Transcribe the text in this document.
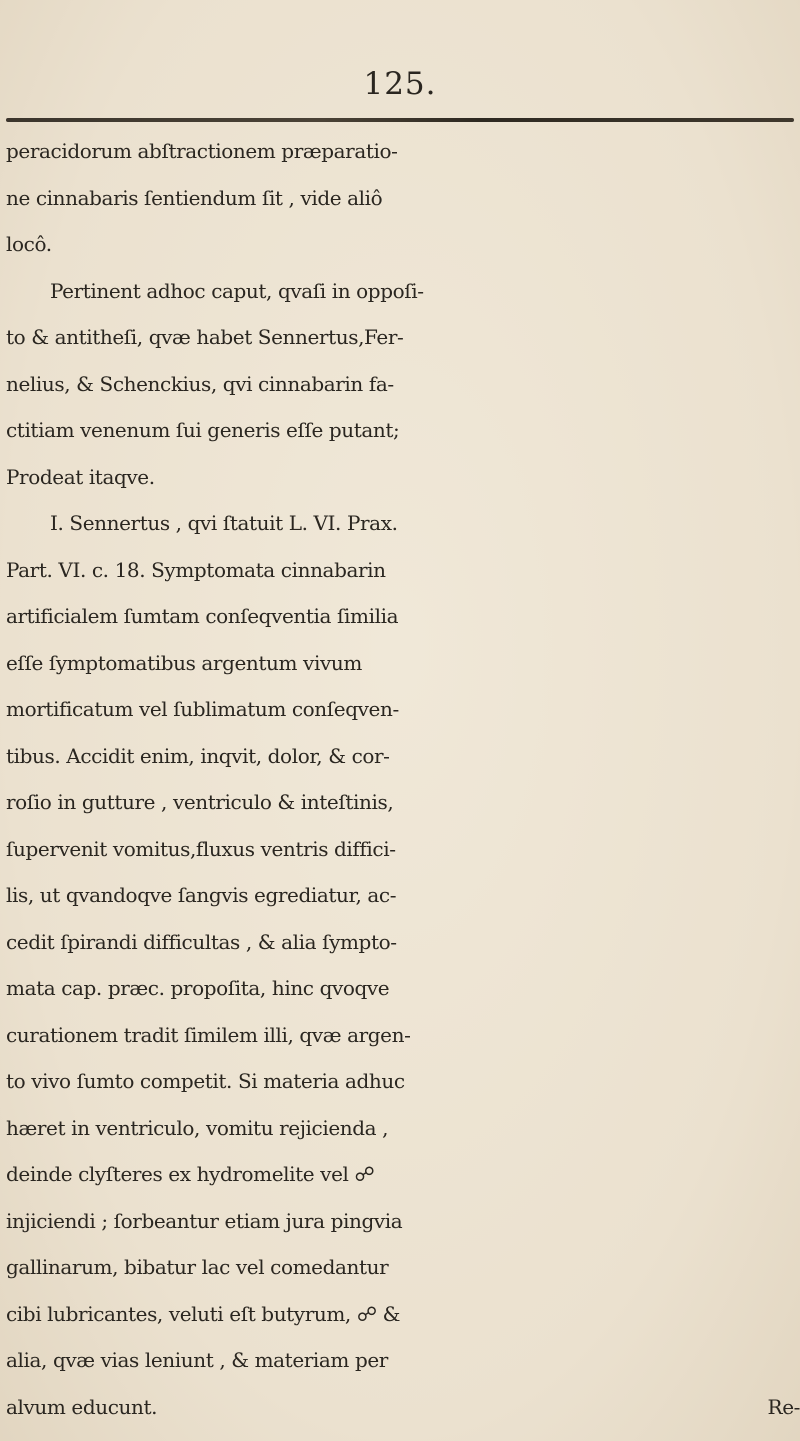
125.
peracidorum abſtractionem præparatio-
ne cinnabaris ſentiendum ſit , vide aliô
locô.
Pertinent adhoc caput, qvaſi in oppoſi-
to & antitheſi, qvæ habet Sennertus,Fer-
nelius, & Schenckius, qvi cinnabarin fa-
ctitiam venenum ſui generis eſſe putant;
Prodeat itaqve.
I. Sennertus , qvi ſtatuit L. VI. Prax.
Part. VI. c. 18. Symptomata cinnabarin
artificialem ſumtam conſeqventia ſimilia
eſſe ſymptomatibus argentum vivum
mortificatum vel ſublimatum conſeqven-
tibus. Accidit enim, inqvit, dolor, & cor-
roſio in gutture , ventriculo & inteſtinis,
ſupervenit vomitus,fluxus ventris diffici-
lis, ut qvandoqve ſangvis egrediatur, ac-
cedit ſpirandi difficultas , & alia ſympto-
mata cap. præc. propoſita, hinc qvoqve
curationem tradit ſimilem illi, qvæ argen-
to vivo ſumto competit. Si materia adhuc
hæret in ventriculo, vomitu rejicienda ,
deinde clyſteres ex hydromelite vel ☍
injiciendi ; ſorbeantur etiam jura pingvia
gallinarum, bibatur lac vel comedantur
cibi lubricantes, veluti eſt butyrum, ☍ &
alia, qvæ vias leniunt , & materiam per
alvum educunt.	Re-
